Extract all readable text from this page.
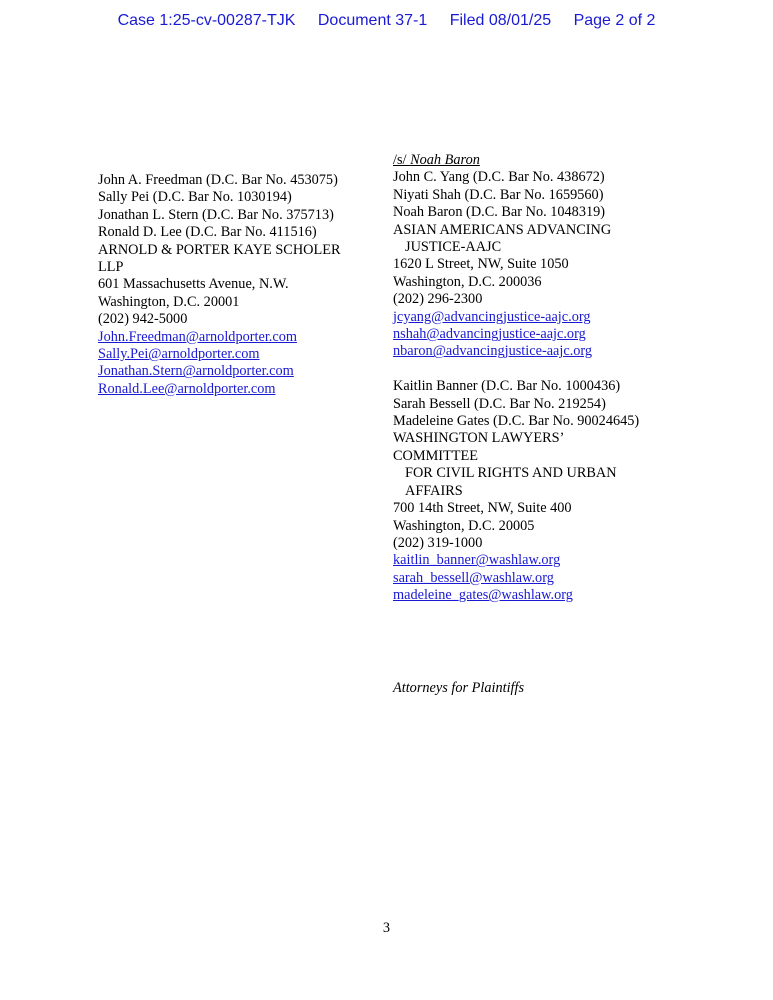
Case 1:25-cv-00287-TJK Document 37-1 Filed 08/01/25 Page 2 of 2
John A. Freedman (D.C. Bar No. 453075)
Sally Pei (D.C. Bar No. 1030194)
Jonathan L. Stern (D.C. Bar No. 375713)
Ronald D. Lee (D.C. Bar No. 411516)
ARNOLD & PORTER KAYE SCHOLER
LLP
601 Massachusetts Avenue, N.W.
Washington, D.C. 20001
(202) 942-5000
John.Freedman@arnoldporter.com
Sally.Pei@arnoldporter.com
Jonathan.Stern@arnoldporter.com
Ronald.Lee@arnoldporter.com
/s/ Noah Baron
John C. Yang (D.C. Bar No. 438672)
Niyati Shah (D.C. Bar No. 1659560)
Noah Baron (D.C. Bar No. 1048319)
ASIAN AMERICANS ADVANCING
JUSTICE-AAJC
1620 L Street, NW, Suite 1050
Washington, D.C. 200036
(202) 296-2300
jcyang@advancingjustice-aajc.org
nshah@advancingjustice-aajc.org
nbaron@advancingjustice-aajc.org
Kaitlin Banner (D.C. Bar No. 1000436)
Sarah Bessell (D.C. Bar No. 219254)
Madeleine Gates (D.C. Bar No. 90024645)
WASHINGTON LAWYERS’
COMMITTEE
FOR CIVIL RIGHTS AND URBAN
AFFAIRS
700 14th Street, NW, Suite 400
Washington, D.C. 20005
(202) 319-1000
kaitlin_banner@washlaw.org
sarah_bessell@washlaw.org
madeleine_gates@washlaw.org
Attorneys for Plaintiffs
3
